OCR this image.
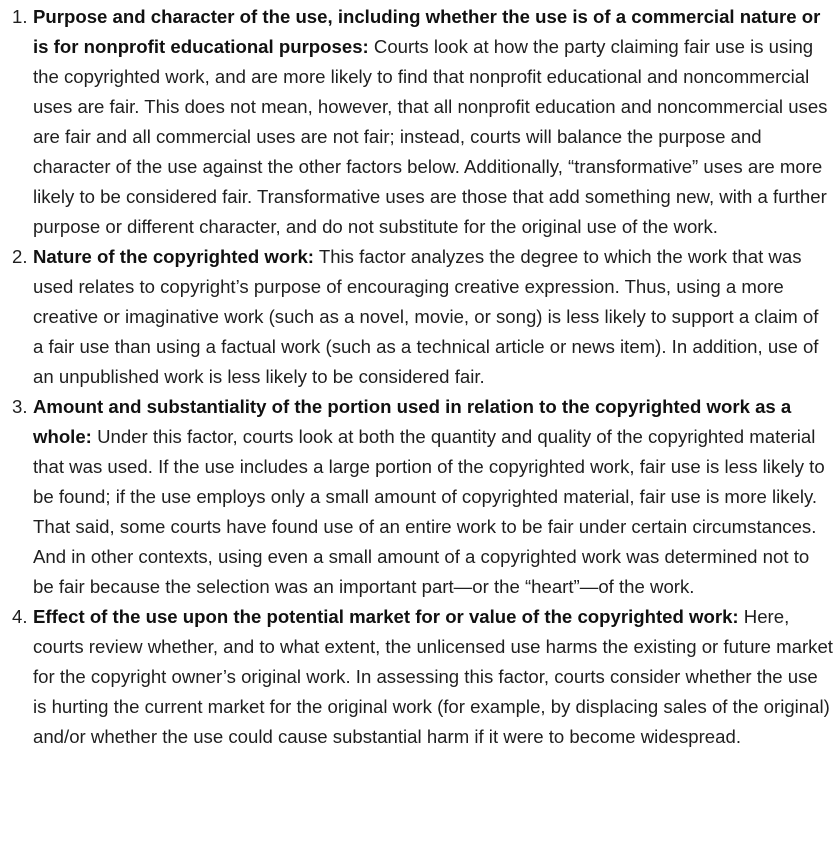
1. Purpose and character of the use, including whether the use is of a commercial nature or is for nonprofit educational purposes: Courts look at how the party claiming fair use is using the copyrighted work, and are more likely to find that nonprofit educational and noncommercial uses are fair. This does not mean, however, that all nonprofit education and noncommercial uses are fair and all commercial uses are not fair; instead, courts will balance the purpose and character of the use against the other factors below. Additionally, “transformative” uses are more likely to be considered fair. Transformative uses are those that add something new, with a further purpose or different character, and do not substitute for the original use of the work.
2. Nature of the copyrighted work: This factor analyzes the degree to which the work that was used relates to copyright’s purpose of encouraging creative expression. Thus, using a more creative or imaginative work (such as a novel, movie, or song) is less likely to support a claim of a fair use than using a factual work (such as a technical article or news item). In addition, use of an unpublished work is less likely to be considered fair.
3. Amount and substantiality of the portion used in relation to the copyrighted work as a whole: Under this factor, courts look at both the quantity and quality of the copyrighted material that was used. If the use includes a large portion of the copyrighted work, fair use is less likely to be found; if the use employs only a small amount of copyrighted material, fair use is more likely. That said, some courts have found use of an entire work to be fair under certain circumstances. And in other contexts, using even a small amount of a copyrighted work was determined not to be fair because the selection was an important part—or the “heart”—of the work.
4. Effect of the use upon the potential market for or value of the copyrighted work: Here, courts review whether, and to what extent, the unlicensed use harms the existing or future market for the copyright owner’s original work. In assessing this factor, courts consider whether the use is hurting the current market for the original work (for example, by displacing sales of the original) and/or whether the use could cause substantial harm if it were to become widespread.
